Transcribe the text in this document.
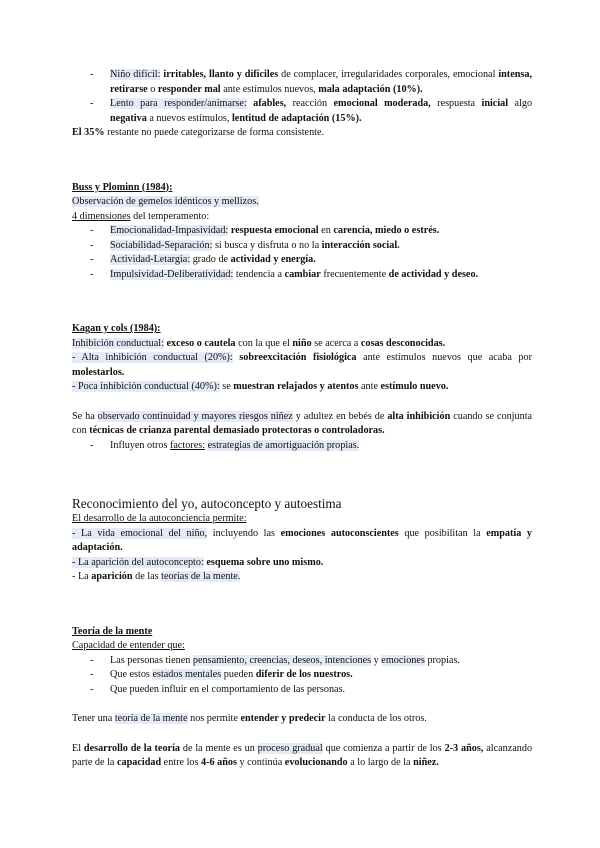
- Niño difícil: irritables, llanto y difíciles de complacer, irregularidades corporales, emocional intensa, retirarse o responder mal ante estímulos nuevos, mala adaptación (10%).
- Lento para responder/animarse: afables, reacción emocional moderada, respuesta inicial algo negativa a nuevos estímulos, lentitud de adaptación (15%).
El 35% restante no puede categorizarse de forma consistente.
Buss y Plominn (1984):
Observación de gemelos idénticos y mellizos.
4 dimensiones del temperamento:
- Emocionalidad-Impasividad: respuesta emocional en carencia, miedo o estrés.
- Sociabilidad-Separación: si busca y disfruta o no la interacción social.
- Actividad-Letargia: grado de actividad y energía.
- Impulsividad-Deliberatividad: tendencia a cambiar frecuentemente de actividad y deseo.
Kagan y cols (1984):
Inhibición conductual: exceso o cautela con la que el niño se acerca a cosas desconocidas.
- Alta inhibición conductual (20%): sobreexcitación fisiológica ante estímulos nuevos que acaba por molestarlos.
- Poca inhibición conductual (40%): se muestran relajados y atentos ante estímulo nuevo.
Se ha observado continuidad y mayores riesgos niñez y adultez en bebés de alta inhibición cuando se conjunta con técnicas de crianza parental demasiado protectoras o controladoras.
- Influyen otros factores: estrategias de amortiguación propias.
Reconocimiento del yo, autoconcepto y autoestima
El desarrollo de la autoconciencia permite:
- La vida emocional del niño, incluyendo las emociones autoconscientes que posibilitan la empatía y adaptación.
- La aparición del autoconcepto: esquema sobre uno mismo.
- La aparición de las teorías de la mente.
Teoría de la mente
Capacidad de entender que:
- Las personas tienen pensamiento, creencias, deseos, intenciones y emociones propias.
- Que estos estados mentales pueden diferir de los nuestros.
- Que pueden influir en el comportamiento de las personas.
Tener una teoría de la mente nos permite entender y predecir la conducta de los otros.
El desarrollo de la teoría de la mente es un proceso gradual que comienza a partir de los 2-3 años, alcanzando parte de la capacidad entre los 4-6 años y continúa evolucionando a lo largo de la niñez.
